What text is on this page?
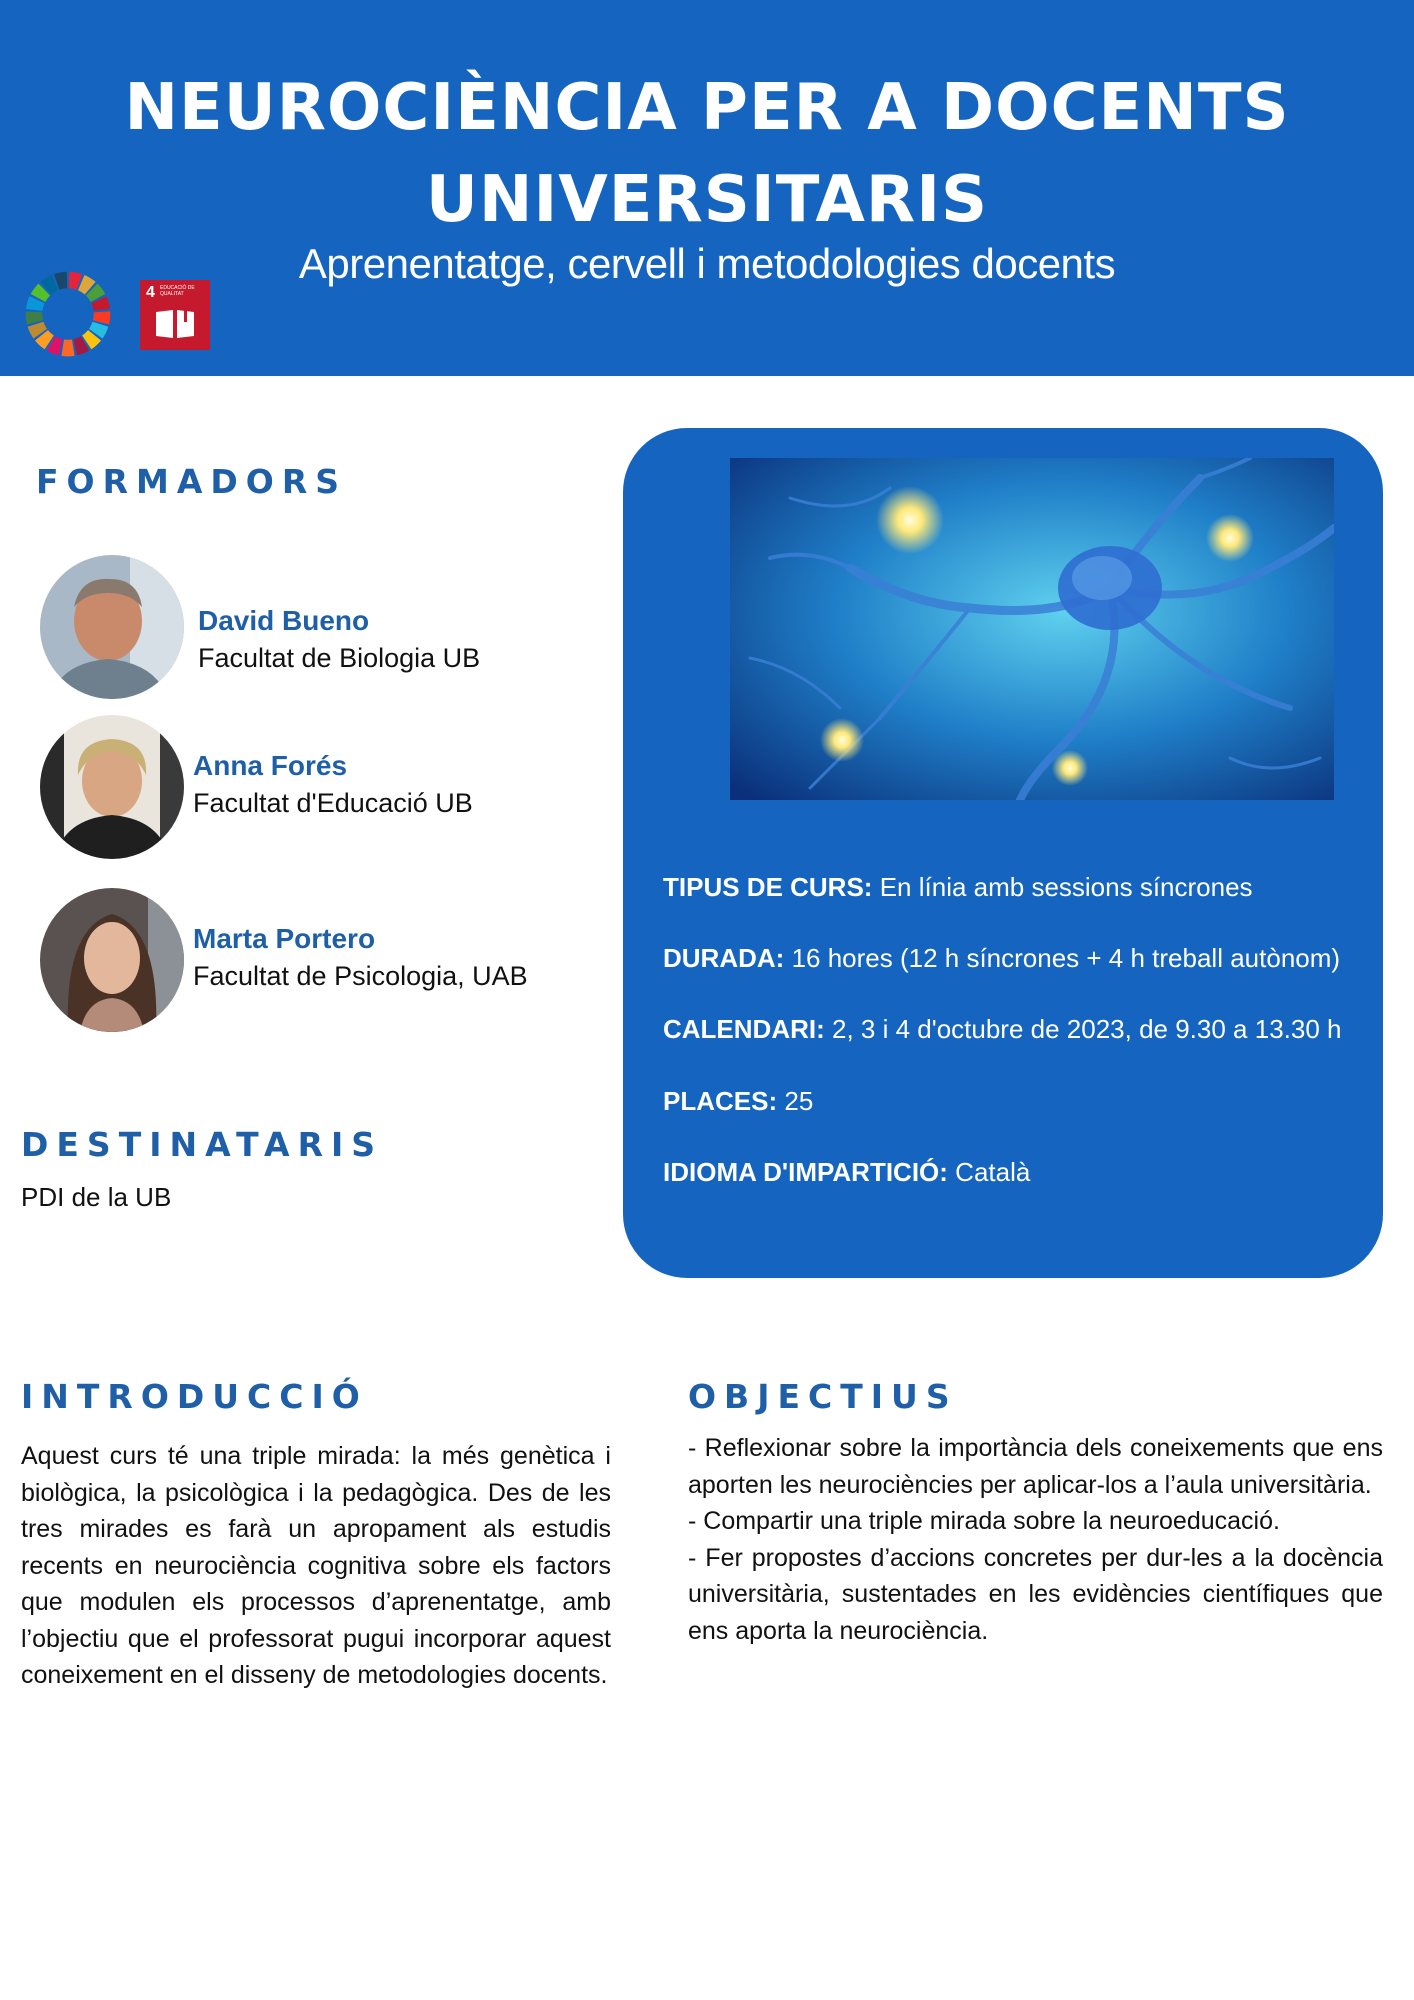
NEUROCIÈNCIA PER A DOCENTS
UNIVERSITARIS
Aprenentatge, cervell i metodologies docents
4 EDUCACIÓ DE QUALITAT
FORMADORS
David Bueno
Facultat de Biologia UB
Anna Forés
Facultat d'Educació UB
Marta Portero
Facultat de Psicologia, UAB
DESTINATARIS
PDI de la UB
TIPUS DE CURS: En línia amb sessions síncrones
DURADA: 16 hores (12 h síncrones + 4 h treball autònom)
CALENDARI: 2, 3 i 4 d'octubre de 2023, de 9.30 a 13.30 h
PLACES: 25
IDIOMA D'IMPARTICIÓ: Català
INTRODUCCIÓ
Aquest curs té una triple mirada: la més genètica i biològica, la psicològica i la pedagògica. Des de les tres mirades es farà un apropament als estudis recents en neurociència cognitiva sobre els factors que modulen els processos d’aprenentatge, amb l’objectiu que el professorat pugui incorporar aquest coneixement en el disseny de metodologies docents.
OBJECTIUS
- Reflexionar sobre la importància dels coneixements que ens aporten les neurociències per aplicar-los a l’aula universitària.
- Compartir una triple mirada sobre la neuroeducació.
- Fer propostes d’accions concretes per dur-les a la docència universitària, sustentades en les evidències científiques que ens aporta la neurociència.
